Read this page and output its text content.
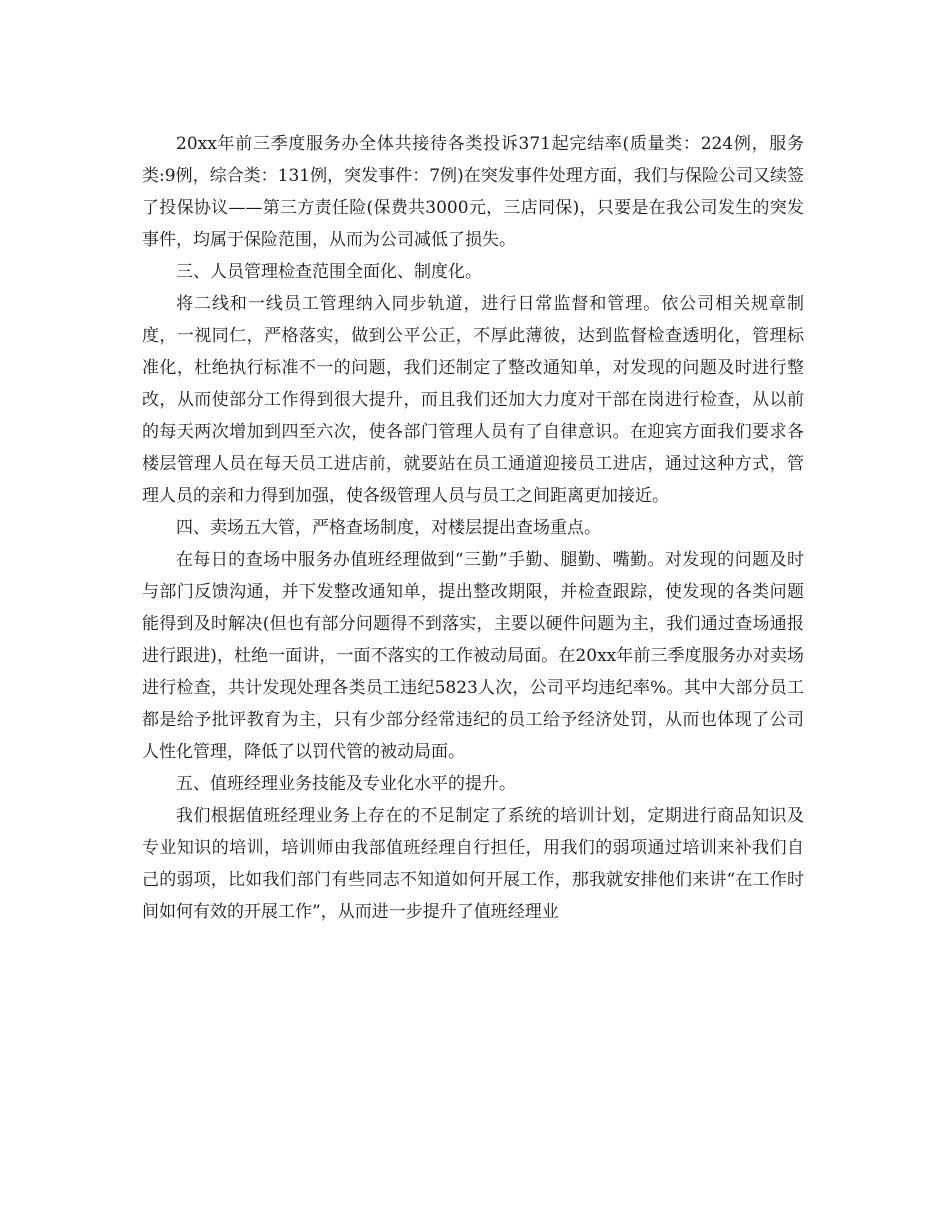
20xx年前三季度服务办全体共接待各类投诉371起完结率(质量类：224例，服务类:9例，综合类：131例，突发事件：7例)在突发事件处理方面，我们与保险公司又续签了投保协议——第三方责任险(保费共3000元，三店同保)，只要是在我公司发生的突发事件，均属于保险范围，从而为公司减低了损失。

三、人员管理检查范围全面化、制度化。

将二线和一线员工管理纳入同步轨道，进行日常监督和管理。依公司相关规章制度，一视同仁，严格落实，做到公平公正，不厚此薄彼，达到监督检查透明化，管理标准化，杜绝执行标准不一的问题，我们还制定了整改通知单，对发现的问题及时进行整改，从而使部分工作得到很大提升，而且我们还加大力度对干部在岗进行检查，从以前的每天两次增加到四至六次，使各部门管理人员有了自律意识。在迎宾方面我们要求各楼层管理人员在每天员工进店前，就要站在员工通道迎接员工进店，通过这种方式，管理人员的亲和力得到加强，使各级管理人员与员工之间距离更加接近。

四、卖场五大管，严格查场制度，对楼层提出查场重点。

在每日的查场中服务办值班经理做到“三勤”手勤、腿勤、嘴勤。对发现的问题及时与部门反馈沟通，并下发整改通知单，提出整改期限，并检查跟踪，使发现的各类问题能得到及时解决(但也有部分问题得不到落实，主要以硬件问题为主，我们通过查场通报进行跟进)，杜绝一面讲，一面不落实的工作被动局面。在20xx年前三季度服务办对卖场进行检查，共计发现处理各类员工违纪5823人次，公司平均违纪率%。其中大部分员工都是给予批评教育为主，只有少部分经常违纪的员工给予经济处罚，从而也体现了公司人性化管理，降低了以罚代管的被动局面。

五、值班经理业务技能及专业化水平的提升。

我们根据值班经理业务上存在的不足制定了系统的培训计划，定期进行商品知识及专业知识的培训，培训师由我部值班经理自行担任，用我们的弱项通过培训来补我们自己的弱项，比如我们部门有些同志不知道如何开展工作，那我就安排他们来讲“在工作时间如何有效的开展工作”，从而进一步提升了值班经理业
